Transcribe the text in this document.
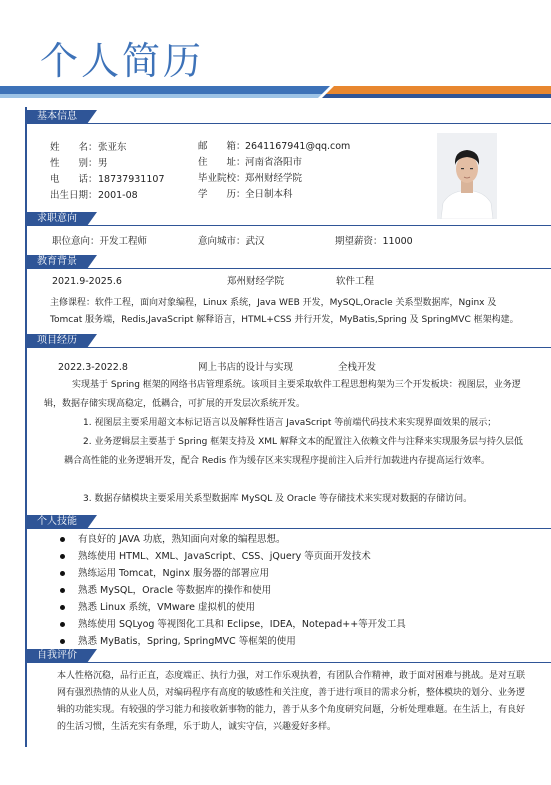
个人简历
基本信息
姓　　名： 张亚东
性　　别： 男
电　　话： 18737931107
出生日期： 2001-08
邮　　箱： 2641167941@qq.com
住　　址： 河南省洛阳市
毕业院校： 郑州财经学院
学　　历： 全日制本科
求职意向
职位意向：开发工程师	意向城市：武汉	期望薪资：11000
教育背景
2021.9-2025.6	郑州财经学院	软件工程
主修课程：软件工程，面向对象编程，Linux 系统，Java WEB 开发，MySQL,Oracle 关系型数据库，Nginx 及 Tomcat 服务端，Redis,JavaScript 解释语言，HTML+CSS 并行开发，MyBatis,Spring 及 SpringMVC 框架构建。
项目经历
2022.3-2022.8	网上书店的设计与实现	全栈开发
实现基于 Spring 框架的网络书店管理系统。该项目主要采取软件工程思想构架为三个开发板块：视图层，业务逻辑，数据存储实现高稳定，低耦合，可扩展的开发层次系统开发。
1. 视图层主要采用超文本标记语言以及解释性语言 JavaScript 等前端代码技术来实现界面效果的展示；
2. 业务逻辑层主要基于 Spring 框架支持及 XML 解释文本的配置注入依赖文件与注释来实现服务层与持久层低耦合高性能的业务逻辑开发，配合 Redis 作为缓存区来实现程序提前注入后并行加载进内存提高运行效率。
3. 数据存储模块主要采用关系型数据库 MySQL 及 Oracle 等存储技术来实现对数据的存储访问。
个人技能
有良好的 JAVA 功底，熟知面向对象的编程思想。
熟练使用 HTML、XML、JavaScript、CSS、jQuery 等页面开发技术
熟练运用 Tomcat，Nginx 服务器的部署应用
熟悉 MySQL，Oracle 等数据库的操作和使用
熟悉 Linux 系统，VMware 虚拟机的使用
熟练使用 SQLyog 等视图化工具和 Eclipse，IDEA，Notepad++等开发工具
熟悉 MyBatis，Spring, SpringMVC 等框架的使用
自我评价
本人性格沉稳，品行正直，态度端正、执行力强，对工作乐观执着，有团队合作精神，敢于面对困难与挑战。是对互联网有强烈热情的从业人员，对编码程序有高度的敏感性和关注度，善于进行项目的需求分析，整体模块的划分、业务逻辑的功能实现。有较强的学习能力和接收新事物的能力，善于从多个角度研究问题，分析处理难题。在生活上，有良好的生活习惯，生活充实有条理，乐于助人，诚实守信，兴趣爱好多样。
